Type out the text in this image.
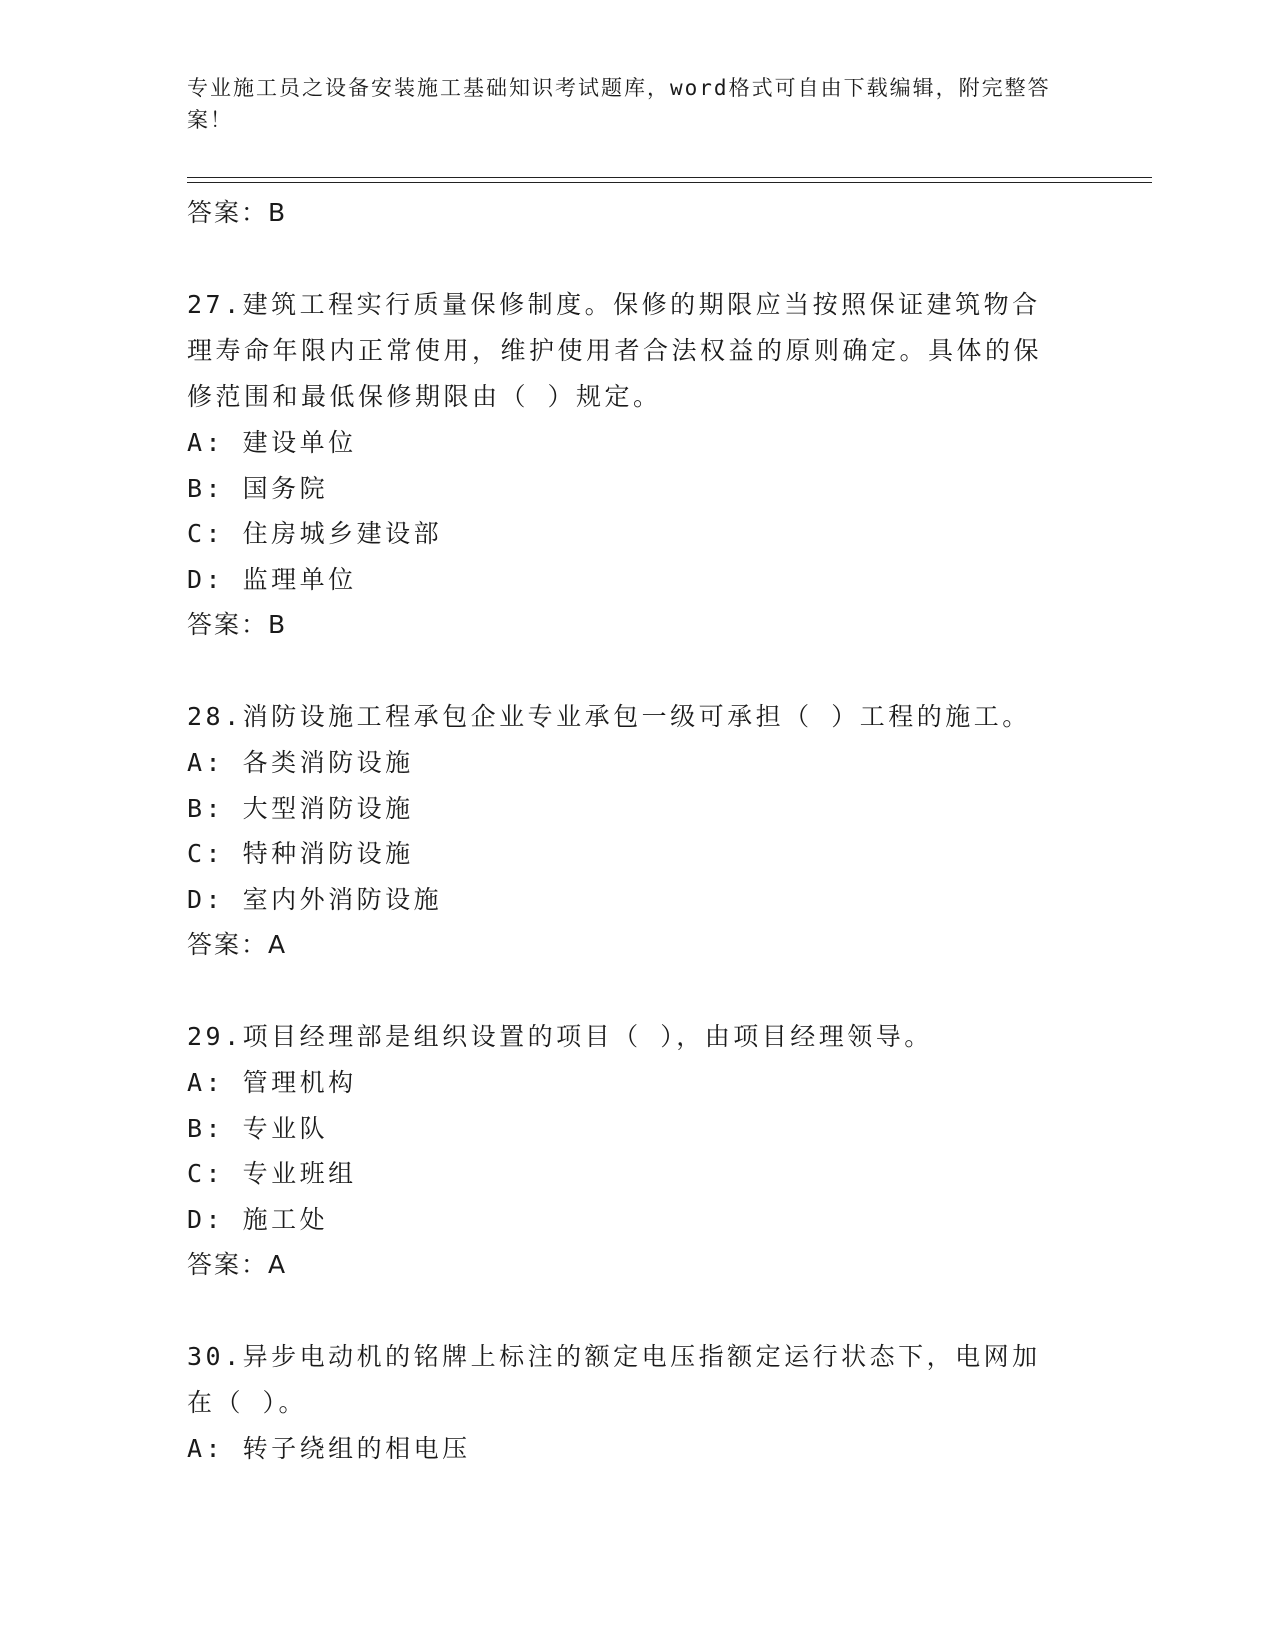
专业施工员之设备安装施工基础知识考试题库，word格式可自由下载编辑，附完整答案！

答案：B

27.建筑工程实行质量保修制度。保修的期限应当按照保证建筑物合理寿命年限内正常使用，维护使用者合法权益的原则确定。具体的保修范围和最低保修期限由（ ）规定。

A: 建设单位

B: 国务院

C: 住房城乡建设部

D: 监理单位

答案：B

28.消防设施工程承包企业专业承包一级可承担（ ）工程的施工。

A: 各类消防设施

B: 大型消防设施

C: 特种消防设施

D: 室内外消防设施

答案：A

29.项目经理部是组织设置的项目（ ），由项目经理领导。

A: 管理机构

B: 专业队

C: 专业班组

D: 施工处

答案：A

30.异步电动机的铭牌上标注的额定电压指额定运行状态下，电网加在（ ）。

A: 转子绕组的相电压
